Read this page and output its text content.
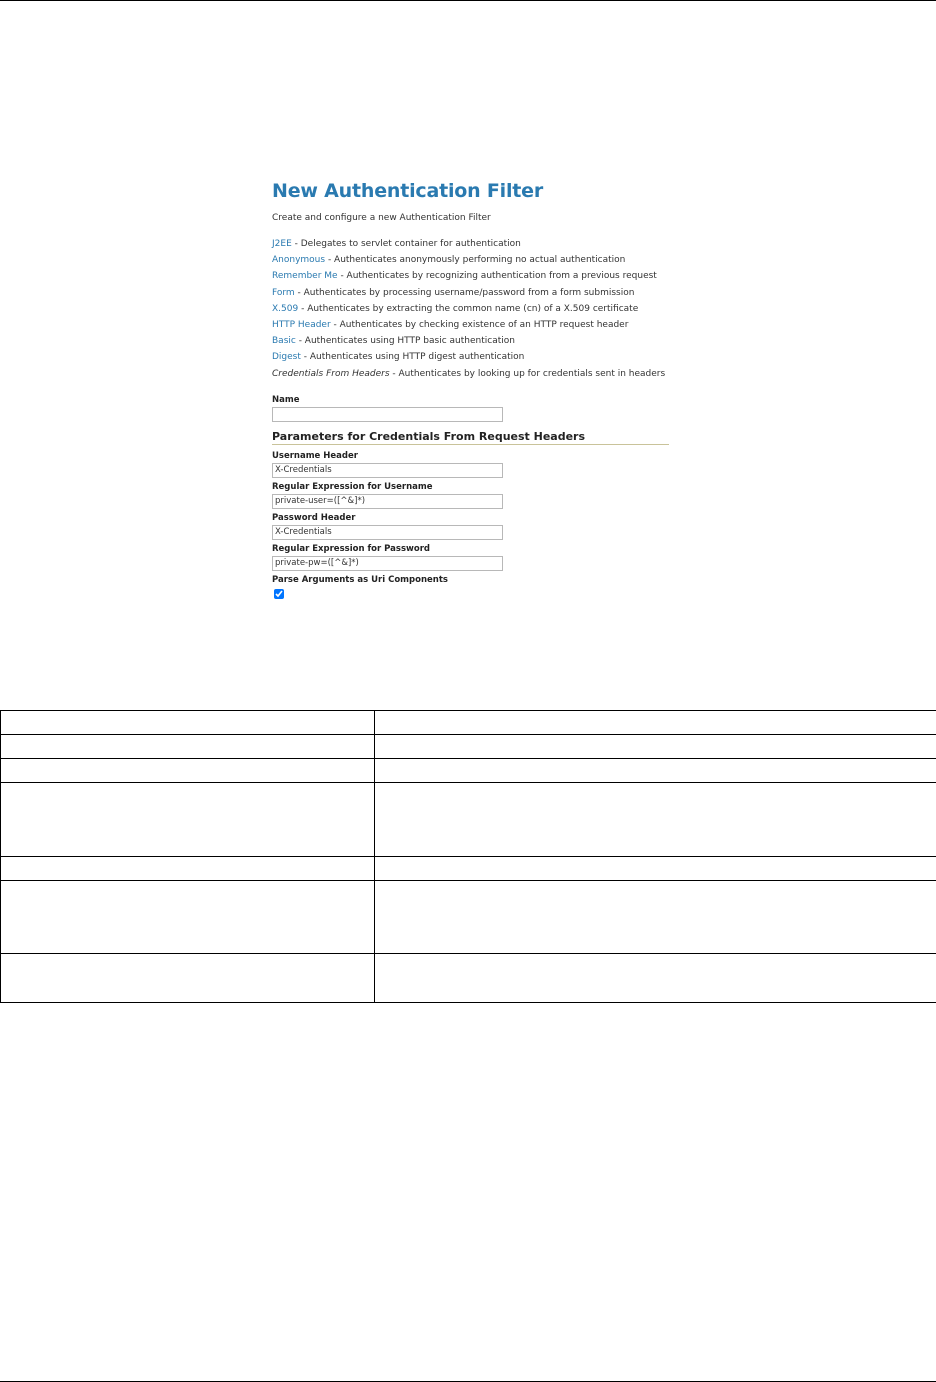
New Authentication Filter
Create and configure a new Authentication Filter
J2EE - Delegates to servlet container for authentication
Anonymous - Authenticates anonymously performing no actual authentication
Remember Me - Authenticates by recognizing authentication from a previous request
Form - Authenticates by processing username/password from a form submission
X.509 - Authenticates by extracting the common name (cn) of a X.509 certificate
HTTP Header - Authenticates by checking existence of an HTTP request header
Basic - Authenticates using HTTP basic authentication
Digest - Authenticates using HTTP digest authentication
Credentials From Headers - Authenticates by looking up for credentials sent in headers
Name
Parameters for Credentials From Request Headers
Username Header
X-Credentials
Regular Expression for Username
private-user=([^&]*)
Password Header
X-Credentials
Regular Expression for Password
private-pw=([^&]*)
Parse Arguments as Uri Components
